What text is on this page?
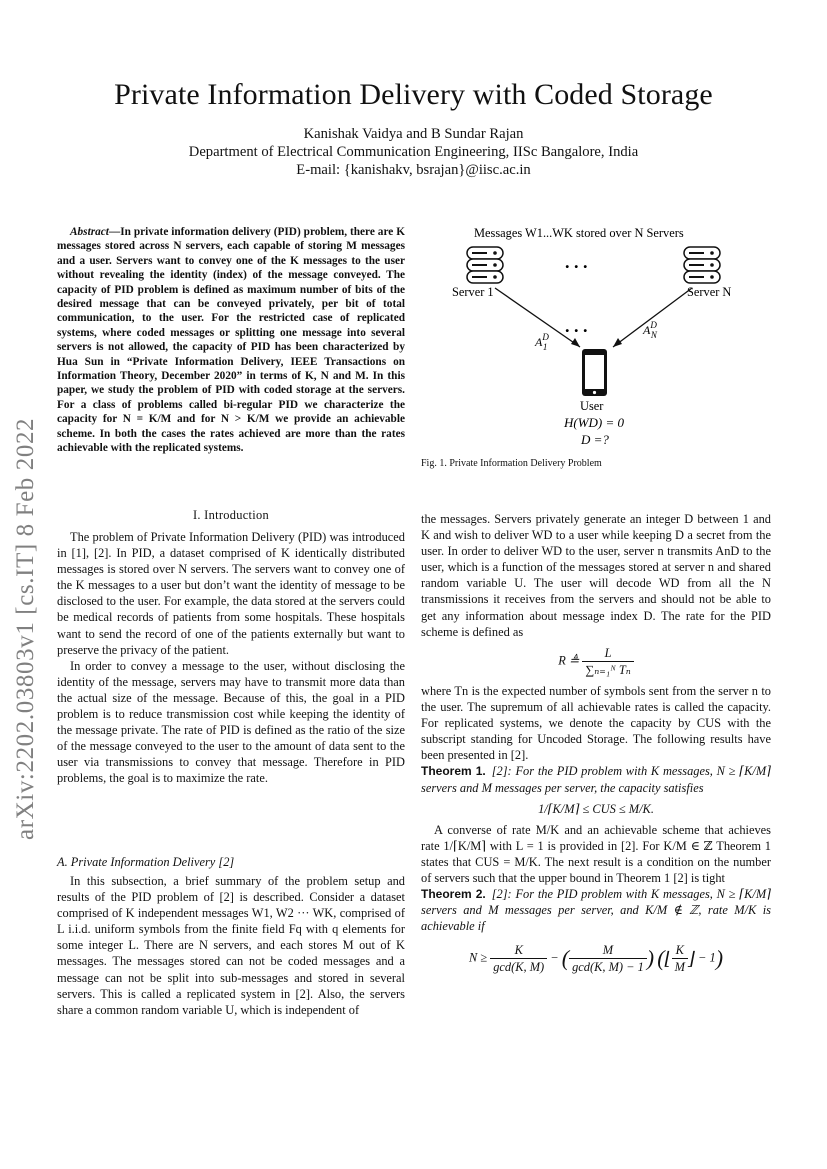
Private Information Delivery with Coded Storage
Kanishak Vaidya and B Sundar Rajan
Department of Electrical Communication Engineering, IISc Bangalore, India
E-mail: {kanishakv, bsrajan}@iisc.ac.in
arXiv:2202.03803v1 [cs.IT] 8 Feb 2022

Abstract—In private information delivery (PID) problem, there are K messages stored across N servers, each capable of storing M messages and a user. Servers want to convey one of the K messages to the user without revealing the identity (index) of the message conveyed. The capacity of PID problem is defined as maximum number of bits of the desired message that can be conveyed privately, per bit of total communication, to the user. For the restricted case of replicated systems, where coded messages or splitting one message into several servers is not allowed, the capacity of PID has been characterized by Hua Sun in “Private Information Delivery, IEEE Transactions on Information Theory, December 2020” in terms of K, N and M. In this paper, we study the problem of PID with coded storage at the servers. For a class of problems called bi-regular PID we characterize the capacity for N = K/M and for N > K/M we provide an achievable scheme. In both the cases the rates achieved are more than the rates achievable with the replicated systems.

Messages W1...WK stored over N Servers
. . .
Server 1	Server N
. . .
$A^D$ 1
$A^D$ N
User
H(WD) = 0
D =?
Fig. 1. Private Information Delivery Problem
I. Introduction

The problem of Private Information Delivery (PID) was introduced in [1], [2]. In PID, a dataset comprised of K identically distributed messages is stored over N servers. The servers want to convey one of the K messages to a user but don’t want the identity of message to be disclosed to the user. For example, the data stored at the servers could be medical records of patients from some hospitals. These hospitals want to send the record of one of the patients externally but want to preserve the privacy of the patient.

In order to convey a message to the user, without disclosing the identity of the message, servers may have to transmit more data than the actual size of the message. Because of this, the goal in a PID problem is to reduce transmission cost while keeping the identity of the message private. The rate of PID is defined as the ratio of the size of the message conveyed to the user to the amount of data sent to the user via transmissions to convey that message. Therefore in PID problems, the goal is to maximize the rate.

A. Private Information Delivery [2]

In this subsection, a brief summary of the problem setup and results of the PID problem of [2] is described. Consider a dataset comprised of K independent messages W1, W2 ··· WK, comprised of L i.i.d. uniform symbols from the finite field Fq with q elements for some integer L. There are N servers, and each stores M out of K messages. The messages stored can not be coded messages and a message can not be split into sub-messages and stored in several servers. This is called a replicated system in [2]. Also, the servers share a common random variable U, which is independent of

the messages. Servers privately generate an integer D between 1 and K and wish to deliver WD to a user while keeping D a secret from the user. In order to deliver WD to the user, server n transmits AnD to the user, which is a function of the messages stored at server n and shared random variable U. The user will decode WD from all the N transmissions it receives from the servers and should not be able to get any information about message index D. The rate for the PID scheme is defined as

R ≜ $\frac{L}{\text{∑ₙ₌₁ᴺ Tₙ}}$

where Tn is the expected number of symbols sent from the server n to the user. The supremum of all achievable rates is called the capacity. For replicated systems, we denote the capacity by CUS with the subscript standing for Uncoded Storage. The following results have been presented in [2].

Theorem 1. [2]: For the PID problem with K messages, N ≥ ⌈K/M⌉ servers and M messages per server, the capacity satisfies

1/⌈K/M⌉ ≤ CUS ≤ M/K.

A converse of rate M/K and an achievable scheme that achieves rate 1/⌈K/M⌉ with L = 1 is provided in [2]. For K/M ∈ ℤ Theorem 1 states that CUS = M/K. The next result is a condition on the number of servers such that the upper bound in Theorem 1 [2] is tight

Theorem 2. [2]: For the PID problem with K messages, N ≥ ⌈K/M⌉ servers and M messages per server, and K/M ∉ ℤ, rate M/K is achievable if

$N \ge \frac{K}{\gcd(K, M)}$ − ( $\frac{M}{\gcd(K, M) - 1}$ ) (⌊ $\frac{K}{M}$ ⌋ − 1)
